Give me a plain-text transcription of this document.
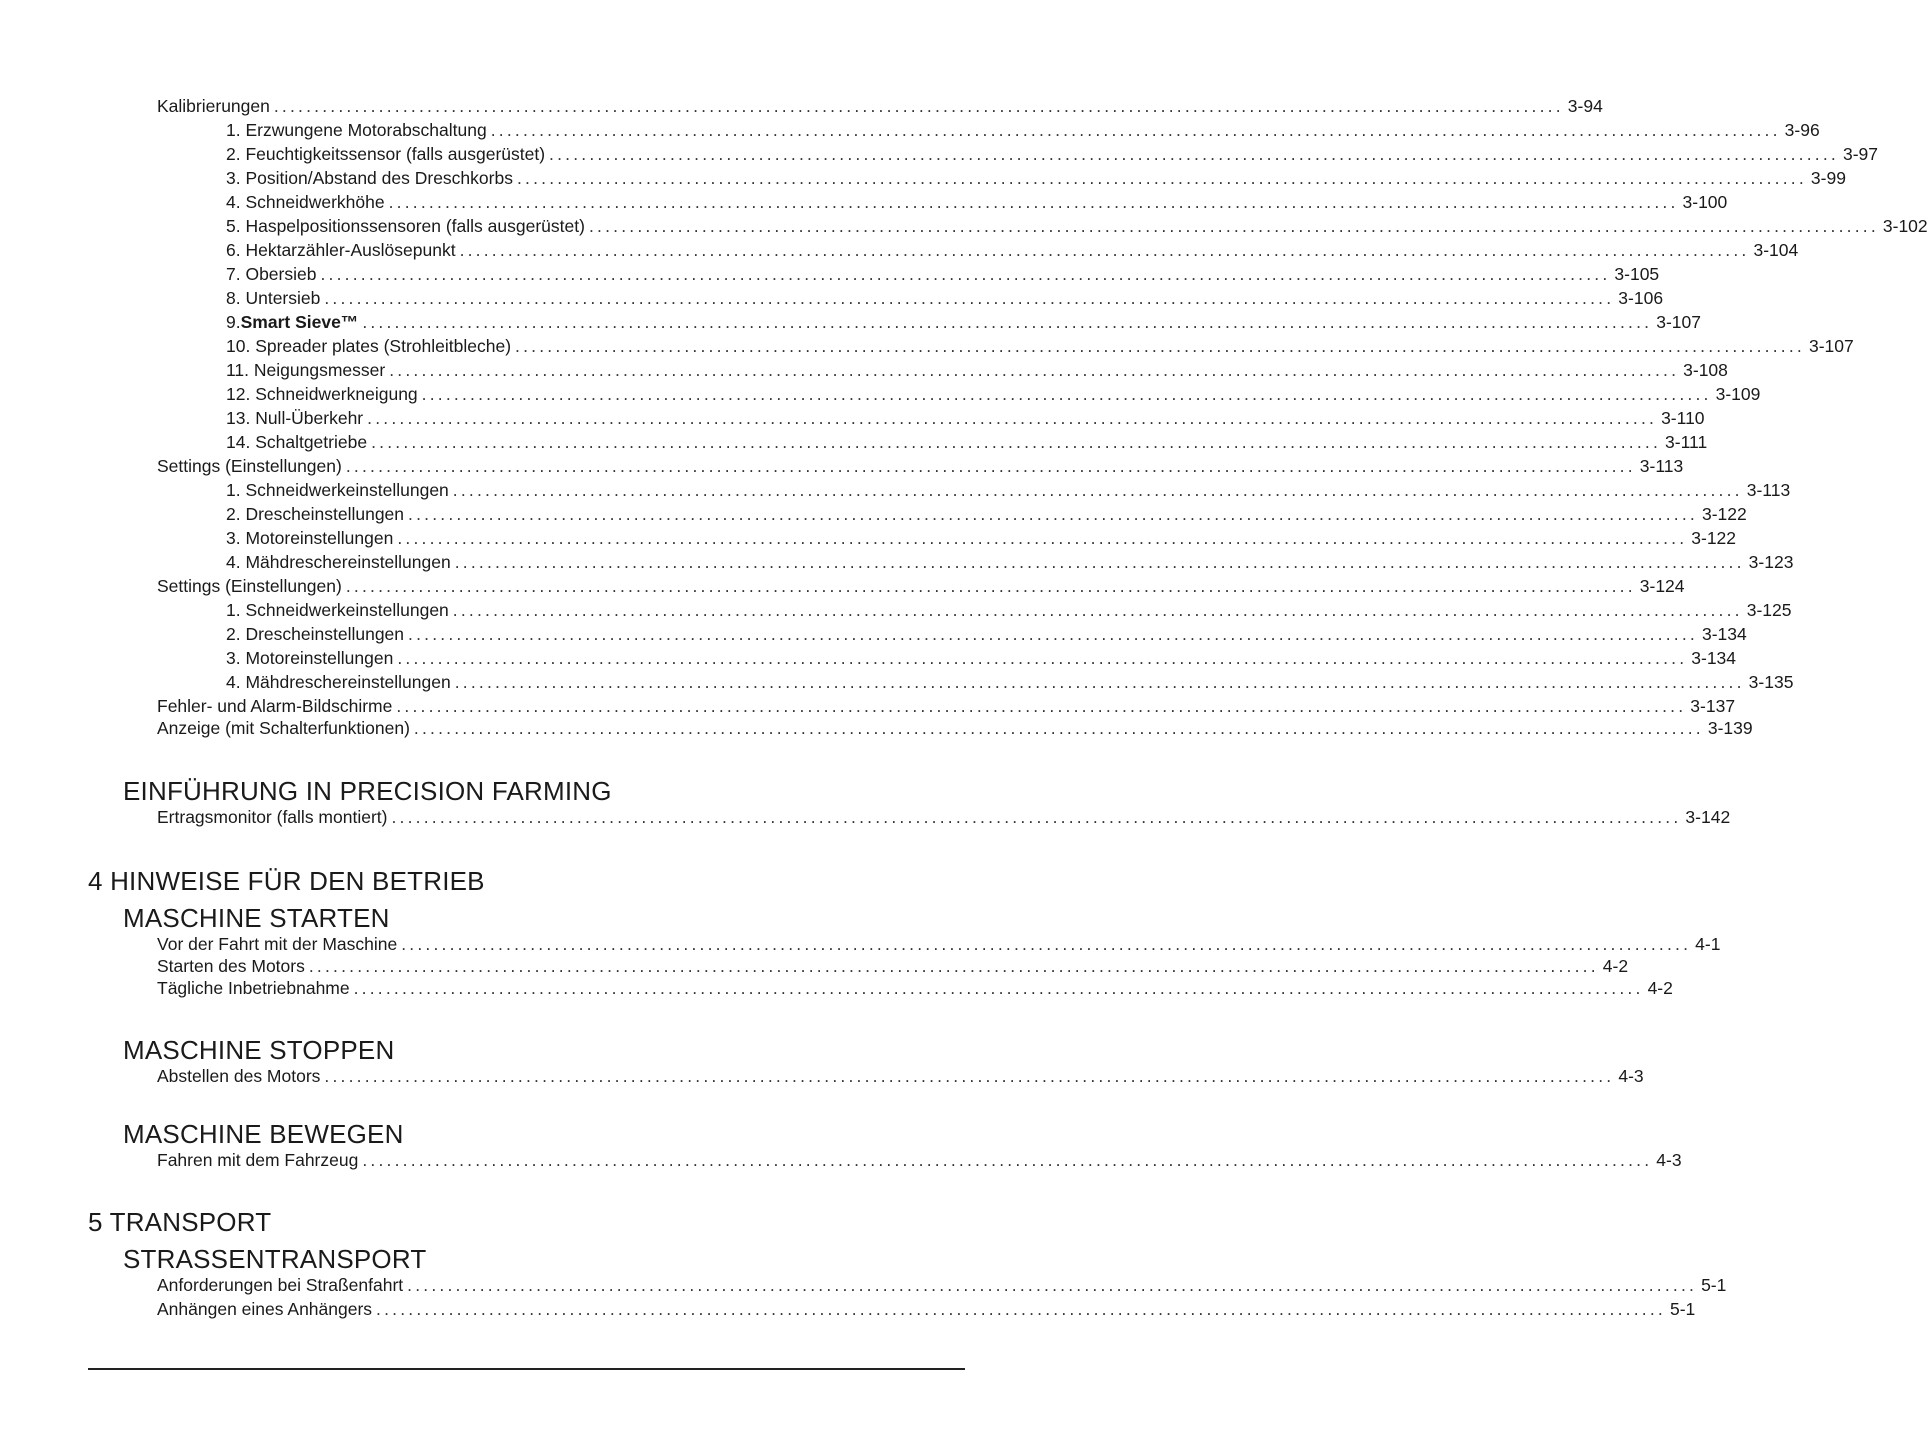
Kalibrierungen ................................................................................................................................................................ 3-94
1. Erzwungene Motorabschaltung ................................................................................................................................................................ 3-96
2. Feuchtigkeitssensor (falls ausgerüstet) ................................................................................................................................................................ 3-97
3. Position/Abstand des Dreschkorbs ................................................................................................................................................................ 3-99
4. Schneidwerkhöhe ................................................................................................................................................................ 3-100
5. Haspelpositionssensoren (falls ausgerüstet) ................................................................................................................................................................ 3-102
6. Hektarzähler-Auslösepunkt ................................................................................................................................................................ 3-104
7. Obersieb ................................................................................................................................................................ 3-105
8. Untersieb ................................................................................................................................................................ 3-106
9.Smart Sieve™ ................................................................................................................................................................ 3-107
10. Spreader plates (Strohleitbleche) ................................................................................................................................................................ 3-107
11. Neigungsmesser ................................................................................................................................................................ 3-108
12. Schneidwerkneigung ................................................................................................................................................................ 3-109
13. Null-Überkehr ................................................................................................................................................................ 3-110
14. Schaltgetriebe ................................................................................................................................................................ 3-111
Settings (Einstellungen) ................................................................................................................................................................ 3-113
1. Schneidwerkeinstellungen ................................................................................................................................................................ 3-113
2. Drescheinstellungen ................................................................................................................................................................ 3-122
3. Motoreinstellungen ................................................................................................................................................................ 3-122
4. Mähdreschereinstellungen ................................................................................................................................................................ 3-123
Settings (Einstellungen) ................................................................................................................................................................ 3-124
1. Schneidwerkeinstellungen ................................................................................................................................................................ 3-125
2. Drescheinstellungen ................................................................................................................................................................ 3-134
3. Motoreinstellungen ................................................................................................................................................................ 3-134
4. Mähdreschereinstellungen ................................................................................................................................................................ 3-135
Fehler- und Alarm-Bildschirme ................................................................................................................................................................ 3-137
Anzeige (mit Schalterfunktionen) ................................................................................................................................................................ 3-139
EINFÜHRUNG IN PRECISION FARMING
Ertragsmonitor (falls montiert) ................................................................................................................................................................ 3-142
4 HINWEISE FÜR DEN BETRIEB
MASCHINE STARTEN
Vor der Fahrt mit der Maschine ................................................................................................................................................................ 4-1
Starten des Motors ................................................................................................................................................................ 4-2
Tägliche Inbetriebnahme ................................................................................................................................................................ 4-2
MASCHINE STOPPEN
Abstellen des Motors ................................................................................................................................................................ 4-3
MASCHINE BEWEGEN
Fahren mit dem Fahrzeug ................................................................................................................................................................ 4-3
5 TRANSPORT
STRASSENTRANSPORT
Anforderungen bei Straßenfahrt ................................................................................................................................................................ 5-1
Anhängen eines Anhängers ................................................................................................................................................................ 5-1
